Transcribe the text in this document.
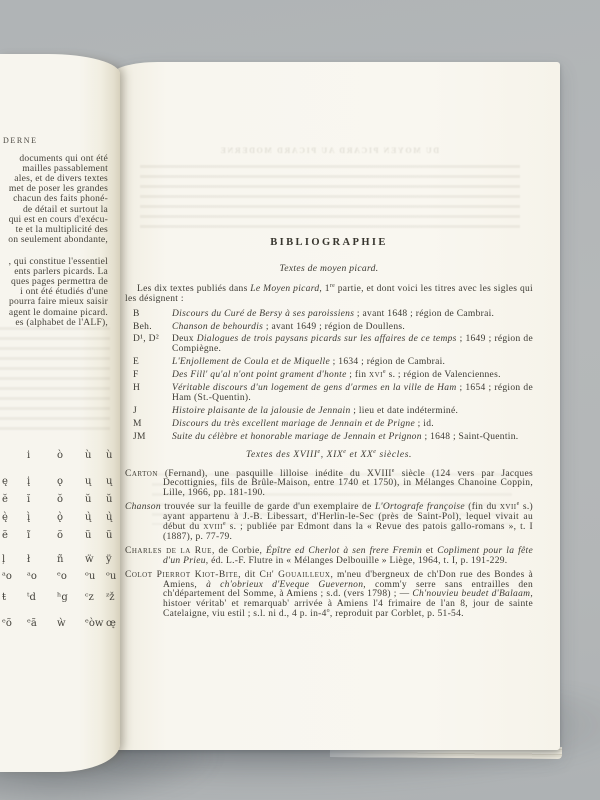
DU MOYEN PICARD AU PICARD MODERNE
BIBLIOGRAPHIE
Textes de moyen picard.

Les dix textes publiés dans Le Moyen picard, 1re partie, et dont voici les titres avec les sigles qui les désignent :

B	Discours du Curé de Bersy à ses paroissiens ; avant 1648 ; région de Cambrai.
Beh.	Chanson de behourdis ; avant 1649 ; région de Doullens.
D¹, D²	Deux Dialogues de trois paysans picards sur les affaires de ce temps ; 1649 ; région de Compiègne.
E	L'Enjollement de Coula et de Miquelle ; 1634 ; région de Cambrai.
F	Des Fill' qu'al n'ont point grament d'honte ; fin xvi$^e$ s. ; région de Valenciennes.
H	Véritable discours d'un logement de gens d'armes en la ville de Ham ; 1654 ; région de Ham (St.-Quentin).
J	Histoire plaisante de la jalousie de Jennain ; lieu et date indéterminé.
M	Discours du très excellent mariage de Jennain et de Prigne ; id.
JM	Suite du célèbre et honorable mariage de Jennain et Prignon ; 1648 ; Saint-Quentin.
Textes des XVIIIe, XIXe et XXe siècles.

Carton (Fernand), une pasquille lilloise inédite du XVIIIe siècle (124 vers par Jacques Decottignies, fils de Brûle-Maison, entre 1740 et 1750), in Mélanges Chanoine Coppin, Lille, 1966, pp. 181-190.

Chanson trouvée sur la feuille de garde d'un exemplaire de L'Ortografe françoise (fin du xvii$^e$ s.) ayant appartenu à J.-B. Libessart, d'Herlin-le-Sec (près de Saint-Pol), lequel vivait au début du xviii$^e$ s. ; publiée par Edmont dans la « Revue des patois gallo-romans », t. I (1887), p. 77-79.

Charles de la Rue, de Corbie, Épître ed Cherlot à sen frere Fremin et Copliment pour la fête d'un Prieu, éd. L.-F. Flutre in « Mélanges Delbouille » Liège, 1964, t. I, p. 191-229.

Colot Pierrot Kiot-Bite, dit Ch' Gouailleux, m'neu d'bergneux de ch'Don rue des Bondes à Amiens, à ch'obrieux d'Eveque Guevernon, comm'y serre sans entrailles den ch'département del Somme, à Amiens ; s.d. (vers 1798) ; — Ch'nouvieu beudet d'Balaam, histoer véritab' et remarquab' arrivée à Amiens l'4 frimaire de l'an 8, jour de sainte Catelaigne, viu estil ; s.l. ni d., 4 p. in-4$^o$, reproduit par Corblet, p. 51-54.

DERNE
documents qui ont été
mailles passablement
ales, et de divers textes
met de poser les grandes
chacun des faits phoné-
de détail et surtout la
qui est en cours d'exécu-
te et la multiplicité des
on seulement abondante,
, qui constitue l'essentiel
ents parlers picards. La
ques pages permettra de
i ont été étudiés d'une
pourra faire mieux saisir
agent le domaine picard.
es (alphabet de l'ALF),
i	ò ù ù
ę į	ǫ ų ų
ĕ ĭ	ŏ ŭ ŭ
ę̀ į̀	ǫ̀ ų̀ ų̀
ẽ ĩ	õ ũ ũ
ļ ł	ñ ẅ ÿ
ᵃo ᵃo ᵉo ᵒu ᵒu
ŧ ᵗd ʰg ᶜz ᶻž
ᵉõ ᵉã ẁ ᵉòw œ̨
